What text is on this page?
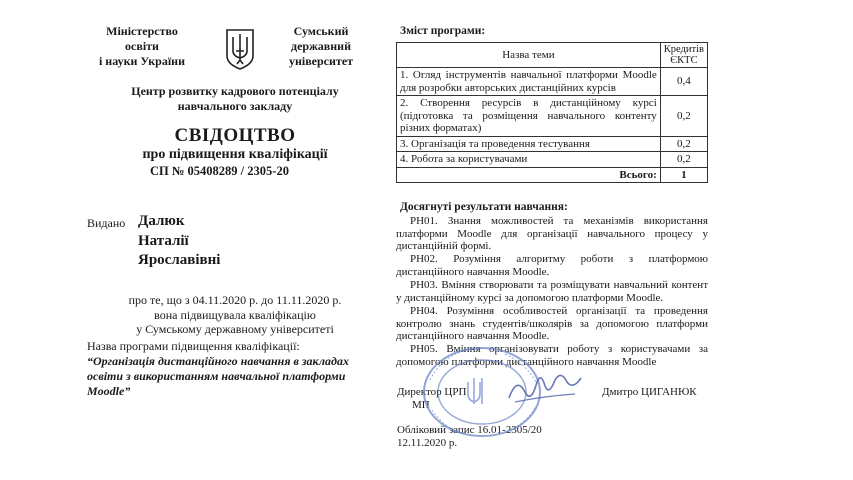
Міністерство
освіти
і науки України
Сумський
державний
університет
Центр розвитку кадрового потенціалу
навчального закладу
СВІДОЦТВО
про підвищення кваліфікації
СП № 05408289 / 2305-20
Видано Далюк
Наталії
Ярославівні
про те, що з 04.11.2020 р. до 11.11.2020 р.
вона підвищувала кваліфікацію
у Сумському державному університеті
Назва програми підвищення кваліфікації:
“Організація дистанційного навчання в закладах освіти з використанням навчальної платформи Moodle”
Зміст програми:
Назва теми	Кредитів ЄКТС
1. Огляд інструментів навчальної платформи Moodle для розробки авторських дистанційних курсів	0,4
2. Створення ресурсів в дистанційному курсі (підготовка та розміщення навчального контенту різних форматах)	0,2
3. Організація та проведення тестування	0,2
4. Робота за користувачами	0,2
Всього:	1
Досягнуті результати навчання:
РН01. Знання можливостей та механізмів використання платформи Moodle для організації навчального процесу у дистанційній формі.
РН02. Розуміння алгоритму роботи з платформою дистанційного навчання Moodle.
РН03. Вміння створювати та розміщувати навчальний контент у дистанційному курсі за допомогою платформи Moodle.
РН04. Розуміння особливостей організації та проведення контролю знань студентів/школярів за допомогою платформи дистанційного навчання Moodle.
РН05. Вміння організовувати роботу з користувачами за допомогою платформи дистанційного навчання Moodle
Директор ЦРП	Дмитро ЦИГАНЮК
МП
Обліковий запис 16.01-2305/20
12.11.2020 р.
